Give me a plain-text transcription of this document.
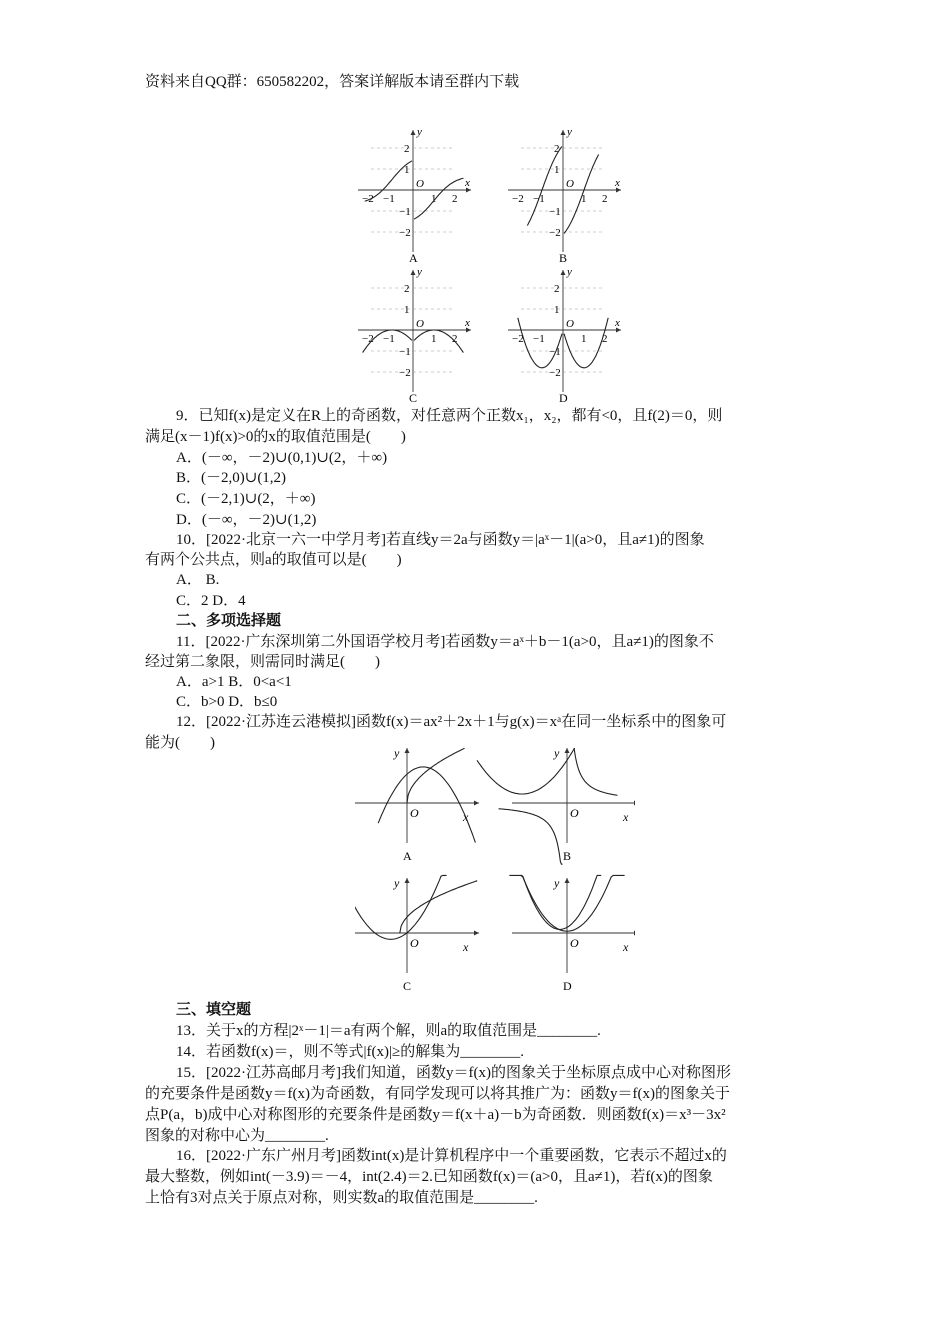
资料来自QQ群：650582202，答案详解版本请至群内下载
−2 −1	1 2
2
1
−1
−2
O	x
y
A
−2 −1	1 2
2
1
−1
−2
O	x
y
B
−2 −1	1 2
2
1
−1
−2
O	x
y
C
−2 −1	1 2
2
1
−1
−2
O	x
y
D
O	x
y
A
O	x
y
B
O	x
y
C
O	x
y
D
9．已知f(x)是定义在R上的奇函数，对任意两个正数x₁，x₂，都有<0，且f(2)＝0，则
满足(x－1)f(x)>0的x的取值范围是(　　)
A．(－∞，－2)∪(0,1)∪(2，＋∞)
B．(－2,0)∪(1,2)
C．(－2,1)∪(2，＋∞)
D．(－∞，－2)∪(1,2)
10．[2022·北京一六一中学月考]若直线y＝2a与函数y＝|aˣ－1|(a>0，且a≠1)的图象
有两个公共点，则a的取值可以是(　　)
A． B.
C．2 D．4
二、多项选择题
11．[2022·广东深圳第二外国语学校月考]若函数y＝aˣ＋b－1(a>0，且a≠1)的图象不
经过第二象限，则需同时满足(　　)
A．a>1 B．0<a<1
C．b>0 D．b≤0
12．[2022·江苏连云港模拟]函数f(x)＝ax²＋2x＋1与g(x)＝xᵃ在同一坐标系中的图象可
能为(　　)
三、填空题
13．关于x的方程|2ˣ－1|＝a有两个解，则a的取值范围是________.
14．若函数f(x)＝，则不等式|f(x)|≥的解集为________.
15．[2022·江苏高邮月考]我们知道，函数y＝f(x)的图象关于坐标原点成中心对称图形
的充要条件是函数y＝f(x)为奇函数，有同学发现可以将其推广为：函数y＝f(x)的图象关于
点P(a，b)成中心对称图形的充要条件是函数y＝f(x＋a)－b为奇函数．则函数f(x)＝x³－3x²
图象的对称中心为________.
16．[2022·广东广州月考]函数int(x)是计算机程序中一个重要函数，它表示不超过x的
最大整数，例如int(－3.9)＝－4，int(2.4)＝2.已知函数f(x)＝(a>0，且a≠1)，若f(x)的图象
上恰有3对点关于原点对称，则实数a的取值范围是________.
